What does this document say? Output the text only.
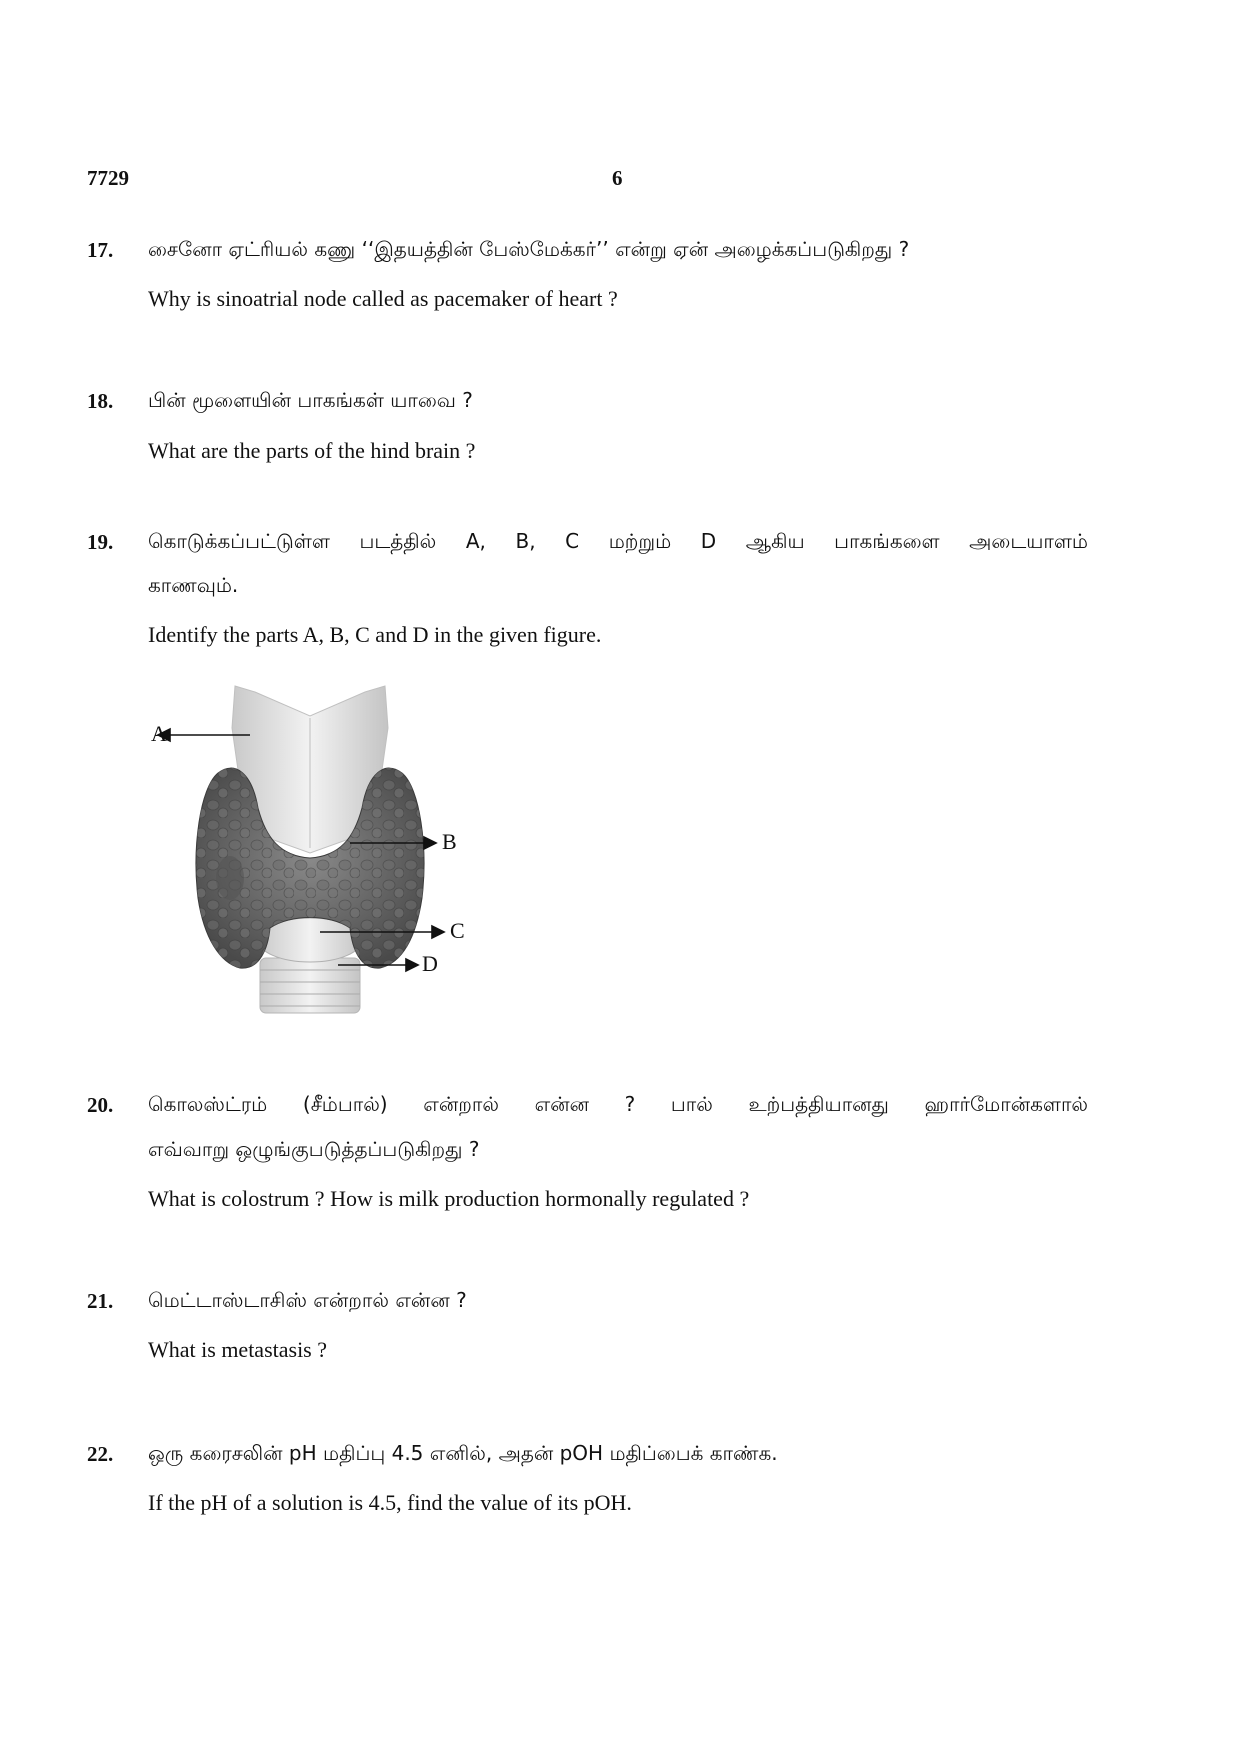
7729	6
17. சைனோ ஏட்ரியல் கணு ‘‘இதயத்தின் பேஸ்மேக்கர்’’ என்று ஏன் அழைக்கப்படுகிறது ?
Why is sinoatrial node called as pacemaker of heart ?
18. பின் மூளையின் பாகங்கள் யாவை ?
What are the parts of the hind brain ?
19. கொடுக்கப்பட்டுள்ள படத்தில் A, B, C மற்றும் D ஆகிய பாகங்களை அடையாளம்
காணவும்.
Identify the parts A, B, C and D in the given figure.
A
B
C
D
20. கொலஸ்ட்ரம் (சீம்பால்) என்றால் என்ன ? பால் உற்பத்தியானது ஹார்மோன்களால்
எவ்வாறு ஒழுங்குபடுத்தப்படுகிறது ?
What is colostrum ? How is milk production hormonally regulated ?
21. மெட்டாஸ்டாசிஸ் என்றால் என்ன ?
What is metastasis ?
22. ஒரு கரைசலின் pH மதிப்பு 4.5 எனில், அதன் pOH மதிப்பைக் காண்க.
If the pH of a solution is 4.5, find the value of its pOH.
